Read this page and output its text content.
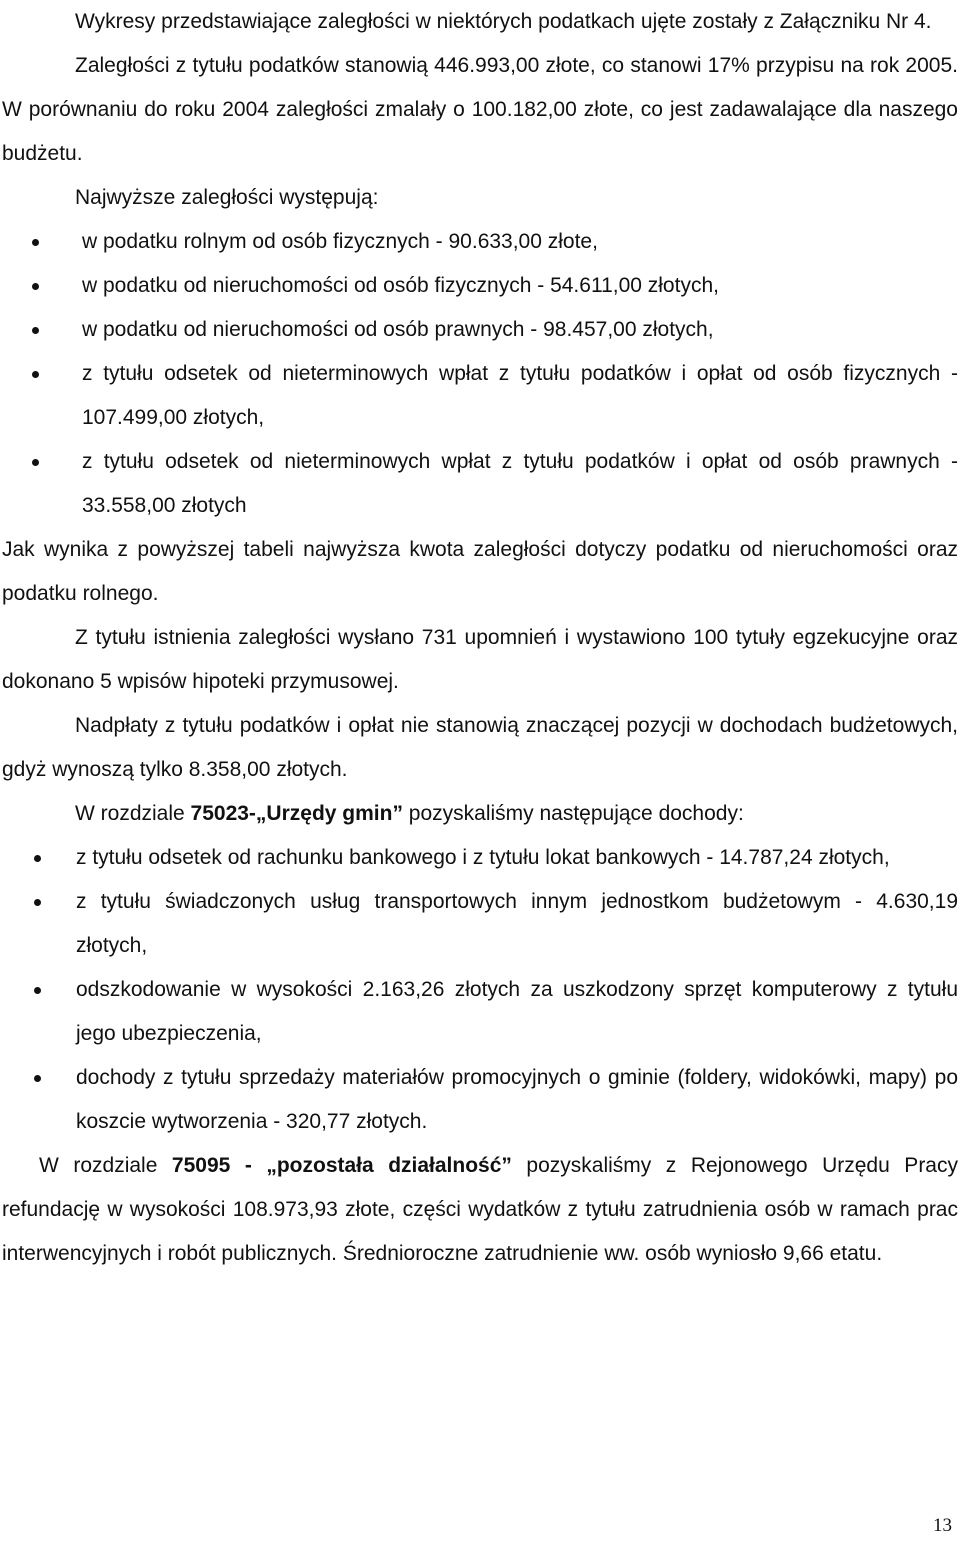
Wykresy przedstawiające zaległości w niektórych podatkach ujęte zostały z Załączniku Nr 4.

Zaległości z tytułu podatków stanowią 446.993,00 złote, co stanowi 17% przypisu na rok 2005. W porównaniu do roku 2004 zaległości zmalały o 100.182,00 złote, co jest zadawalające dla naszego budżetu.

Najwyższe zaległości występują:

w podatku rolnym od osób fizycznych - 90.633,00 złote,
w podatku od nieruchomości od osób fizycznych - 54.611,00 złotych,
w podatku od nieruchomości od osób prawnych - 98.457,00 złotych,
z tytułu odsetek od nieterminowych wpłat z tytułu podatków i opłat od osób fizycznych - 107.499,00 złotych,
z tytułu odsetek od nieterminowych wpłat z tytułu podatków i opłat od osób prawnych - 33.558,00 złotych

Jak wynika z powyższej tabeli najwyższa kwota zaległości dotyczy podatku od nieruchomości oraz podatku rolnego.

Z tytułu istnienia zaległości wysłano 731 upomnień i wystawiono 100 tytuły egzekucyjne oraz dokonano 5 wpisów hipoteki przymusowej.

Nadpłaty z tytułu podatków i opłat nie stanowią znaczącej pozycji w dochodach budżetowych, gdyż wynoszą tylko 8.358,00 złotych.

W rozdziale 75023-„Urzędy gmin” pozyskaliśmy następujące dochody:

z tytułu odsetek od rachunku bankowego i z tytułu lokat bankowych - 14.787,24 złotych,
z tytułu świadczonych usług transportowych innym jednostkom budżetowym - 4.630,19 złotych,
odszkodowanie w wysokości 2.163,26 złotych za uszkodzony sprzęt komputerowy z tytułu jego ubezpieczenia,
dochody z tytułu sprzedaży materiałów promocyjnych o gminie (foldery, widokówki, mapy) po koszcie wytworzenia - 320,77 złotych.

W rozdziale 75095 - „pozostała działalność” pozyskaliśmy z Rejonowego Urzędu Pracy refundację w wysokości 108.973,93 złote, części wydatków z tytułu zatrudnienia osób w ramach prac interwencyjnych i robót publicznych. Średnioroczne zatrudnienie ww. osób wyniosło 9,66 etatu.

13
